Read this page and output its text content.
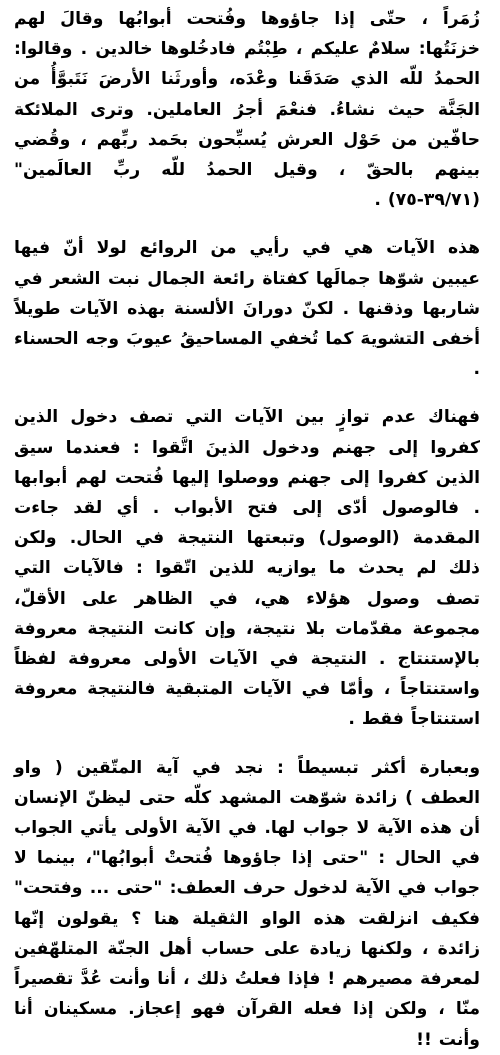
زُمَراً ، حتّى إذا جاؤوها وفُتحت أبوابُها وقالَ لهم خزنَتُها: سلامٌ عليكم ، طِبْتُم فادخُلوها خالدين . وقالوا: الحمدُ للّه الذي صَدَقَنا وعْدَه، وأورثَنا الأرضَ نَتَبوَّأُ من الجَنَّة حيث نشاءُ. فنعْمَ أجرُ العاملين. وترى الملائكة حافّين من حَوْل العرش يُسبِّحون بحَمد ربِّهم ، وقُضي بينهم بالحقّ ، وقيل الحمدُ للّه ربِّ العالَمين" (٣٩/٧١-٧٥) .

هذه الآيات هي في رأيي من الروائع لولا أنّ فيها عيبين شوّها جمالَها كفتاة رائعة الجمال نبت الشعر في شاربها وذقنها . لكنّ دورانَ الألسنة بهذه الآيات طويلاً أخفى التشويهَ كما تُخفي المساحيقُ عيوبَ وجه الحسناء .

فهناك عدم توازٍ بين الآيات التي تصف دخول الذين كفروا إلى جهنم ودخول الذينَ اتَّقوا : فعندما سيق الذين كفروا إلى جهنم ووصلوا إليها فُتحت لهم أبوابها . فالوصول أدّى إلى فتح الأبواب . أي لقد جاءت المقدمة (الوصول) وتبعتها النتيجة في الحال. ولكن ذلك لم يحدث ما يوازيه للذين اتّقوا : فالآيات التي تصف وصول هؤلاء هي، في الظاهر على الأقلّ، مجموعة مقدّمات بلا نتيجة، وإن كانت النتيجة معروفة بالإستنتاج . النتيجة في الآيات الأولى معروفة لفظاً واستنتاجاً ، وأمّا في الآيات المتبقية فالنتيجة معروفة استنتاجاً فقط .

وبعبارة أكثر تبسيطاً : نجد في آية المتّقين ( واو العطف ) زائدة شوّهت المشهد كلّه حتى ليظنّ الإنسان أن هذه الآية لا جواب لها. في الآية الأولى يأتي الجواب في الحال : "حتى إذا جاؤوها فُتحتْ أبوابُها"، بينما لا جواب في الآية لدخول حرف العطف: "حتى ... وفتحت" فكيف انزلقت هذه الواو الثقيلة هنا ؟ يقولون إنّها زائدة ، ولكنها زيادة على حساب أهل الجنّة المتلهّفين لمعرفة مصيرهم ! فإذا فعلتُ ذلك ، أنا وأنت عُدَّ تقصيراً منّا ، ولكن إذا فعله القرآن فهو إعجاز. مسكينان أنا وأنت !!
